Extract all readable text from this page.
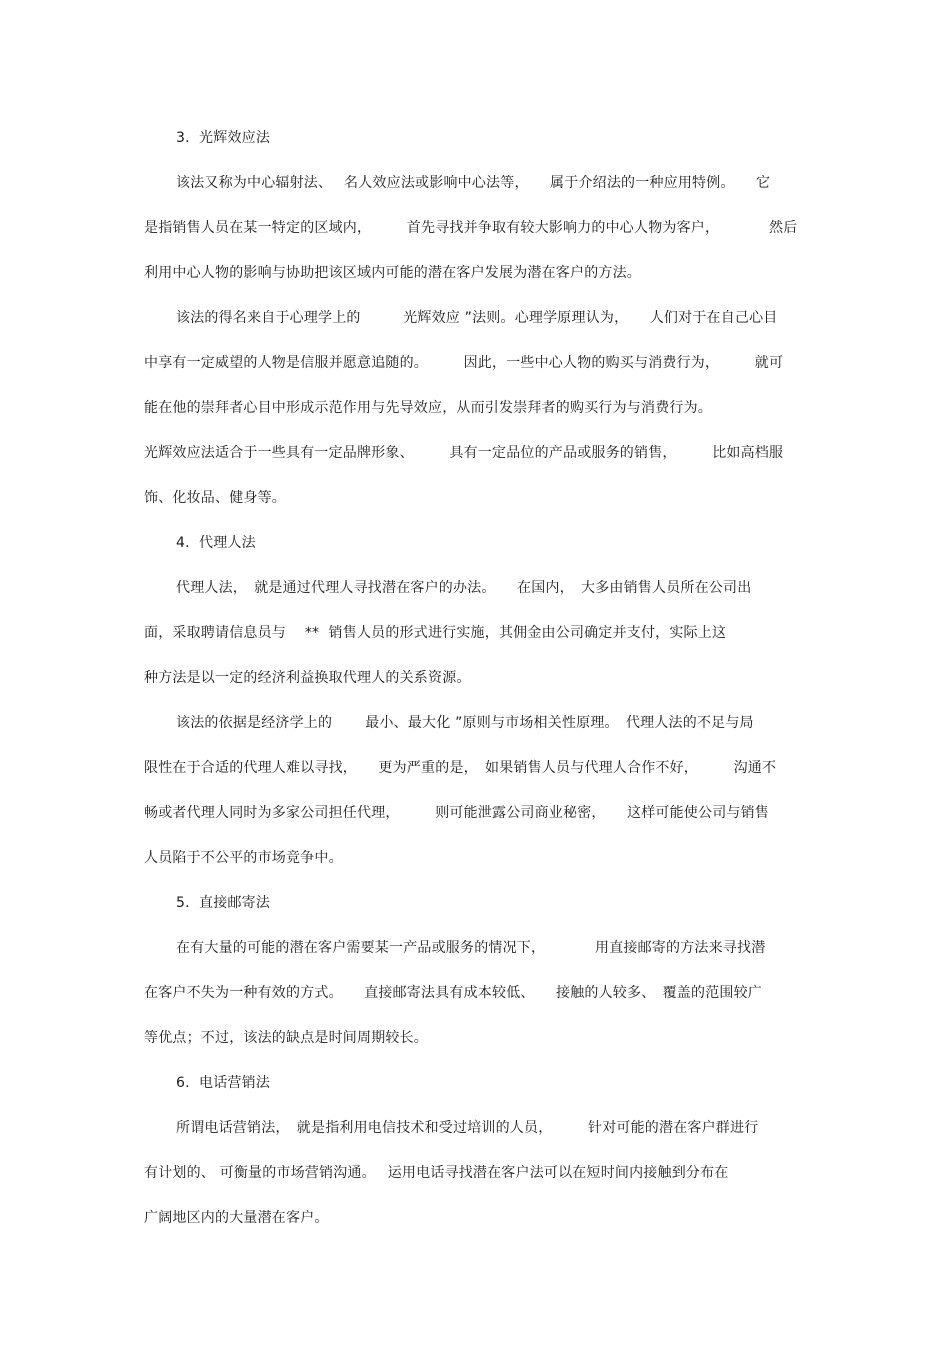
3.  光辉效应法
该法又称为中心辐射法、　 名人效应法或影响中心法等，　　属于介绍法的一种应用特例。　　它
是指销售人员在某一特定的区域内，　　　首先寻找并争取有较大影响力的中心人物为客户，　　　　然后
利用中心人物的影响与协助把该区域内可能的潜在客户发展为潜在客户的方法。
该法的得名来自于心理学上的　　　光辉效应 ”法则。心理学原理认为，　　人们对于在自己心目
中享有一定威望的人物是信服并愿意追随的。　　　因此，一些中心人物的购买与消费行为，　　　就可
能在他的崇拜者心目中形成示范作用与先导效应，从而引发崇拜者的购买行为与消费行为。
光辉效应法适合于一些具有一定品牌形象、　　　具有一定品位的产品或服务的销售，　　　比如高档服
饰、化妆品、健身等。
4.  代理人法
代理人法，　就是通过代理人寻找潜在客户的办法。　　在国内，　大多由销售人员所在公司出
面，采取聘请信息员与　 **  销售人员的形式进行实施，其佣金由公司确定并支付，实际上这
种方法是以一定的经济利益换取代理人的关系资源。
该法的依据是经济学上的　　 最小、最大化 ”原则与市场相关性原理。　代理人法的不足与局
限性在于合适的代理人难以寻找，　　更为严重的是，　如果销售人员与代理人合作不好，　　　沟通不
畅或者代理人同时为多家公司担任代理，　　　则可能泄露公司商业秘密，　　这样可能使公司与销售
人员陷于不公平的市场竞争中。
5.  直接邮寄法
在有大量的可能的潜在客户需要某一产品或服务的情况下，　　　　用直接邮寄的方法来寻找潜
在客户不失为一种有效的方式。　　直接邮寄法具有成本较低、　　接触的人较多、　覆盖的范围较广
等优点；不过，该法的缺点是时间周期较长。
6.  电话营销法
所谓电话营销法，　就是指利用电信技术和受过培训的人员，　　　针对可能的潜在客户群进行
有计划的、 可衡量的市场营销沟通。　 运用电话寻找潜在客户法可以在短时间内接触到分布在
广阔地区内的大量潜在客户。
